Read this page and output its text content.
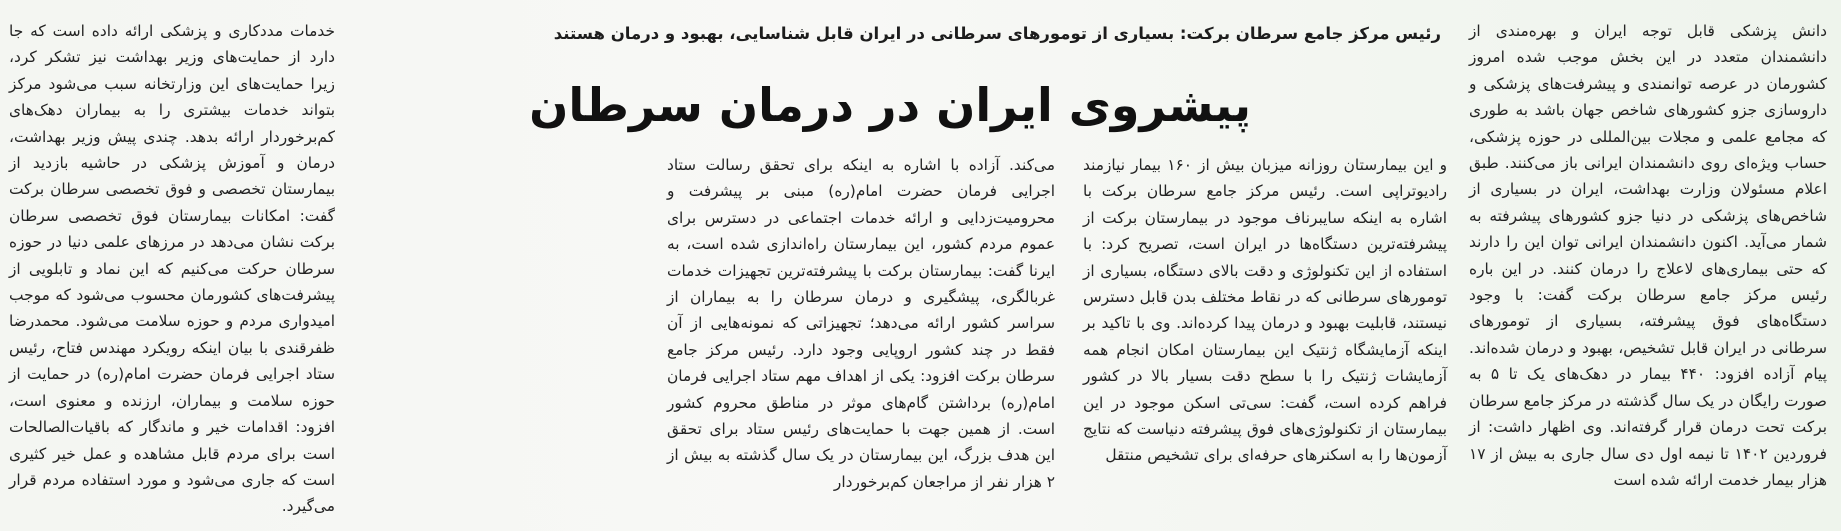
رئیس مرکز جامع سرطان برکت: بسیاری از تومورهای سرطانی در ایران قابل شناسایی، بهبود و درمان هستند
پیشروی ایران در درمان سرطان

دانش پزشکی قابل توجه ایران و بهره‌مندی از دانشمندان متعدد در این بخش موجب شده امروز کشورمان در عرصه توانمندی و پیشرفت‌های پزشکی و داروسازی جزو کشورهای شاخص جهان باشد به طوری که مجامع علمی و مجلات بین‌المللی در حوزه پزشکی، حساب ویژه‌ای روی دانشمندان ایرانی باز می‌کنند. طبق اعلام مسئولان وزارت بهداشت، ایران در بسیاری از شاخص‌های پزشکی در دنیا جزو کشورهای پیشرفته به شمار می‌آید. اکنون دانشمندان ایرانی توان این را دارند که حتی بیماری‌های لاعلاج را درمان کنند. در این باره رئیس مرکز جامع سرطان برکت گفت: با وجود دستگاه‌های فوق پیشرفته، بسیاری از تومورهای سرطانی در ایران قابل تشخیص، بهبود و درمان شده‌اند. پیام آزاده افزود: ۴۴۰ بیمار در دهک‌های یک تا ۵ به صورت رایگان در یک سال گذشته در مرکز جامع سرطان برکت تحت درمان قرار گرفته‌اند. وی اظهار داشت: از فروردین ۱۴۰۲ تا نیمه اول دی سال جاری به بیش از ۱۷ هزار بیمار خدمت ارائه شده است

و این بیمارستان روزانه میزبان بیش از ۱۶۰ بیمار نیازمند رادیوتراپی است. رئیس مرکز جامع سرطان برکت با اشاره به اینکه سایبرناف موجود در بیمارستان برکت از پیشرفته‌ترین دستگاه‌ها در ایران است، تصریح کرد: با استفاده از این تکنولوژی و دقت بالای دستگاه، بسیاری از تومورهای سرطانی که در نقاط مختلف بدن قابل دسترس نیستند، قابلیت بهبود و درمان پیدا کرده‌اند. وی با تاکید بر اینکه آزمایشگاه ژنتیک این بیمارستان امکان انجام همه آزمایشات ژنتیک را با سطح دقت بسیار بالا در کشور فراهم کرده است، گفت: سی‌تی اسکن موجود در این بیمارستان از تکنولوژی‌های فوق پیشرفته دنیاست که نتایج آزمون‌ها را به اسکنرهای حرفه‌ای برای تشخیص منتقل

می‌کند. آزاده با اشاره به اینکه برای تحقق رسالت ستاد اجرایی فرمان حضرت امام(ره) مبنی بر پیشرفت و محرومیت‌زدایی و ارائه خدمات اجتماعی در دسترس برای عموم مردم کشور، این بیمارستان راه‌اندازی شده است، به ایرنا گفت: بیمارستان برکت با پیشرفته‌ترین تجهیزات خدمات غربالگری، پیشگیری و درمان سرطان را به بیماران از سراسر کشور ارائه می‌دهد؛ تجهیزاتی که نمونه‌هایی از آن فقط در چند کشور اروپایی وجود دارد. رئیس مرکز جامع سرطان برکت افزود: یکی از اهداف مهم ستاد اجرایی فرمان امام(ره) برداشتن گام‌های موثر در مناطق محروم کشور است. از همین جهت با حمایت‌های رئیس ستاد برای تحقق این هدف بزرگ، این بیمارستان در یک سال گذشته به بیش از ۲ هزار نفر از مراجعان کم‌برخوردار

خدمات مددکاری و پزشکی ارائه داده است که جا دارد از حمایت‌های وزیر بهداشت نیز تشکر کرد، زیرا حمایت‌های این وزارتخانه سبب می‌شود مرکز بتواند خدمات بیشتری را به بیماران دهک‌های کم‌برخوردار ارائه بدهد. چندی پیش وزیر بهداشت، درمان و آموزش پزشکی در حاشیه بازدید از بیمارستان تخصصی و فوق تخصصی سرطان برکت گفت: امکانات بیمارستان فوق تخصصی سرطان برکت نشان می‌دهد در مرزهای علمی دنیا در حوزه سرطان حرکت می‌کنیم که این نماد و تابلویی از پیشرفت‌های کشورمان محسوب می‌شود که موجب امیدواری مردم و حوزه سلامت می‌شود. محمدرضا ظفرقندی با بیان اینکه رویکرد مهندس فتاح، رئیس ستاد اجرایی فرمان حضرت امام(ره) در حمایت از حوزه سلامت و بیماران، ارزنده و معنوی است، افزود: اقدامات خیر و ماندگار که باقیات‌الصالحات است برای مردم قابل مشاهده و عمل خیر کثیری است که جاری می‌شود و مورد استفاده مردم قرار می‌گیرد.
